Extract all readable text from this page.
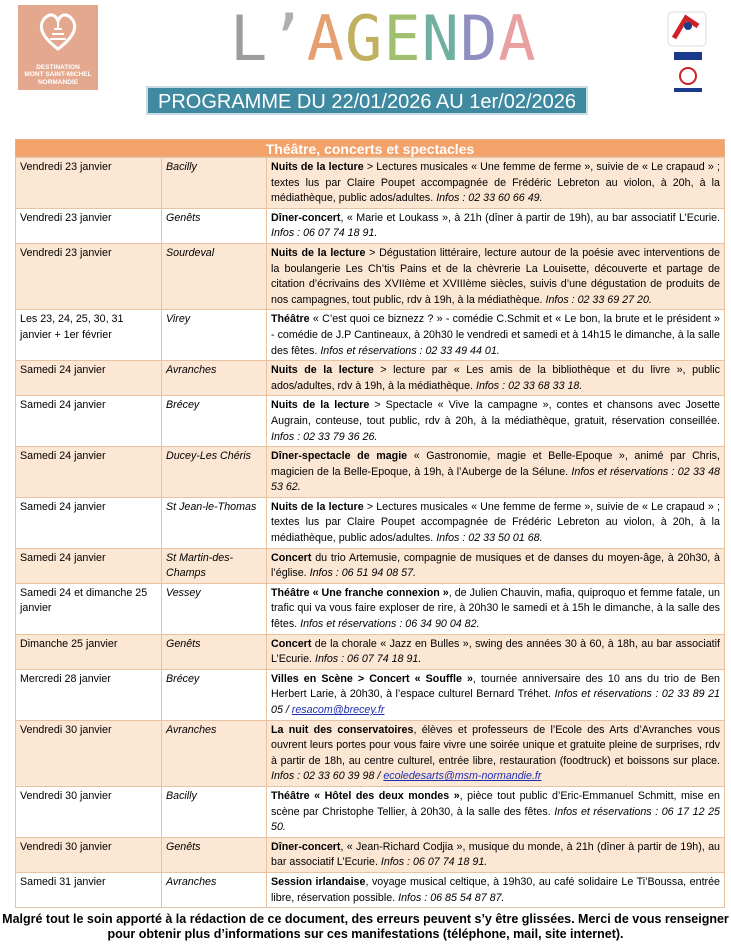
DESTINATION
MONT SAINT-MICHEL
NORMANDIE
L’AGENDA
PROGRAMME DU 22/01/2026 AU 1er/02/2026
Théâtre, concerts et spectacles
Vendredi 23 janvier	Bacilly	Nuits de la lecture > Lectures musicales « Une femme de ferme », suivie de « Le crapaud » ; textes lus par Claire Poupet accompagnée de Frédéric Lebreton au violon, à 20h, à la médiathèque, public ados/adultes. Infos : 02 33 60 66 49.
Vendredi 23 janvier	Genêts	Dîner-concert, « Marie et Loukass », à 21h (dîner à partir de 19h), au bar associatif L’Ecurie. Infos : 06 07 74 18 91.
Vendredi 23 janvier	Sourdeval	Nuits de la lecture > Dégustation littéraire, lecture autour de la poésie avec interventions de la boulangerie Les Ch’tis Pains et de la chèvrerie La Louisette, découverte et partage de citation d’écrivains des XVIIème et XVIIIème siècles, suivis d’une dégustation de produits de nos campagnes, tout public, rdv à 19h, à la médiathèque. Infos : 02 33 69 27 20.
Les 23, 24, 25, 30, 31 janvier + 1er février	Virey	Théâtre « C’est quoi ce biznezz ? » - comédie C.Schmit et « Le bon, la brute et le président » - comédie de J.P Cantineaux, à 20h30 le vendredi et samedi et à 14h15 le dimanche, à la salle des fêtes. Infos et réservations : 02 33 49 44 01.
Samedi 24 janvier	Avranches	Nuits de la lecture > lecture par « Les amis de la bibliothèque et du livre », public ados/adultes, rdv à 19h, à la médiathèque. Infos : 02 33 68 33 18.
Samedi 24 janvier	Brécey	Nuits de la lecture > Spectacle « Vive la campagne », contes et chansons avec Josette Augrain, conteuse, tout public, rdv à 20h, à la médiathèque, gratuit, réservation conseillée. Infos : 02 33 79 36 26.
Samedi 24 janvier	Ducey-Les Chéris	Dîner-spectacle de magie « Gastronomie, magie et Belle-Epoque », animé par Chris, magicien de la Belle-Epoque, à 19h, à l’Auberge de la Sélune. Infos et réservations : 02 33 48 53 62.
Samedi 24 janvier	St Jean-le-Thomas	Nuits de la lecture > Lectures musicales « Une femme de ferme », suivie de « Le crapaud » ; textes lus par Claire Poupet accompagnée de Frédéric Lebreton au violon, à 20h, à la médiathèque, public ados/adultes. Infos : 02 33 50 01 68.
Samedi 24 janvier	St Martin-des-Champs	Concert du trio Artemusie, compagnie de musiques et de danses du moyen-âge, à 20h30, à l’église. Infos : 06 51 94 08 57.
Samedi 24 et dimanche 25 janvier	Vessey	Théâtre « Une franche connexion », de Julien Chauvin, mafia, quiproquo et femme fatale, un trafic qui va vous faire exploser de rire, à 20h30 le samedi et à 15h le dimanche, à la salle des fêtes. Infos et réservations : 06 34 90 04 82.
Dimanche 25 janvier	Genêts	Concert de la chorale « Jazz en Bulles », swing des années 30 à 60, à 18h, au bar associatif L’Ecurie. Infos : 06 07 74 18 91.
Mercredi 28 janvier	Brécey	Villes en Scène > Concert « Souffle », tournée anniversaire des 10 ans du trio de Ben Herbert Larie, à 20h30, à l’espace culturel Bernard Tréhet. Infos et réservations : 02 33 89 21 05 / resacom@brecey.fr
Vendredi 30 janvier	Avranches	La nuit des conservatoires, élèves et professeurs de l’Ecole des Arts d’Avranches vous ouvrent leurs portes pour vous faire vivre une soirée unique et gratuite pleine de surprises, rdv à partir de 18h, au centre culturel, entrée libre, restauration (foodtruck) et boissons sur place. Infos : 02 33 60 39 98 / ecoledesarts@msm-normandie.fr
Vendredi 30 janvier	Bacilly	Théâtre « Hôtel des deux mondes », pièce tout public d’Eric-Emmanuel Schmitt, mise en scène par Christophe Tellier, à 20h30, à la salle des fêtes. Infos et réservations : 06 17 12 25 50.
Vendredi 30 janvier	Genêts	Dîner-concert, « Jean-Richard Codjia », musique du monde, à 21h (dîner à partir de 19h), au bar associatif L’Ecurie. Infos : 06 07 74 18 91.
Samedi 31 janvier	Avranches	Session irlandaise, voyage musical celtique, à 19h30, au café solidaire Le Ti’Boussa, entrée libre, réservation possible. Infos : 06 85 54 87 87.
Malgré tout le soin apporté à la rédaction de ce document, des erreurs peuvent s’y être glissées. Merci de vous renseigner pour obtenir plus d’informations sur ces manifestations (téléphone, mail, site internet).
